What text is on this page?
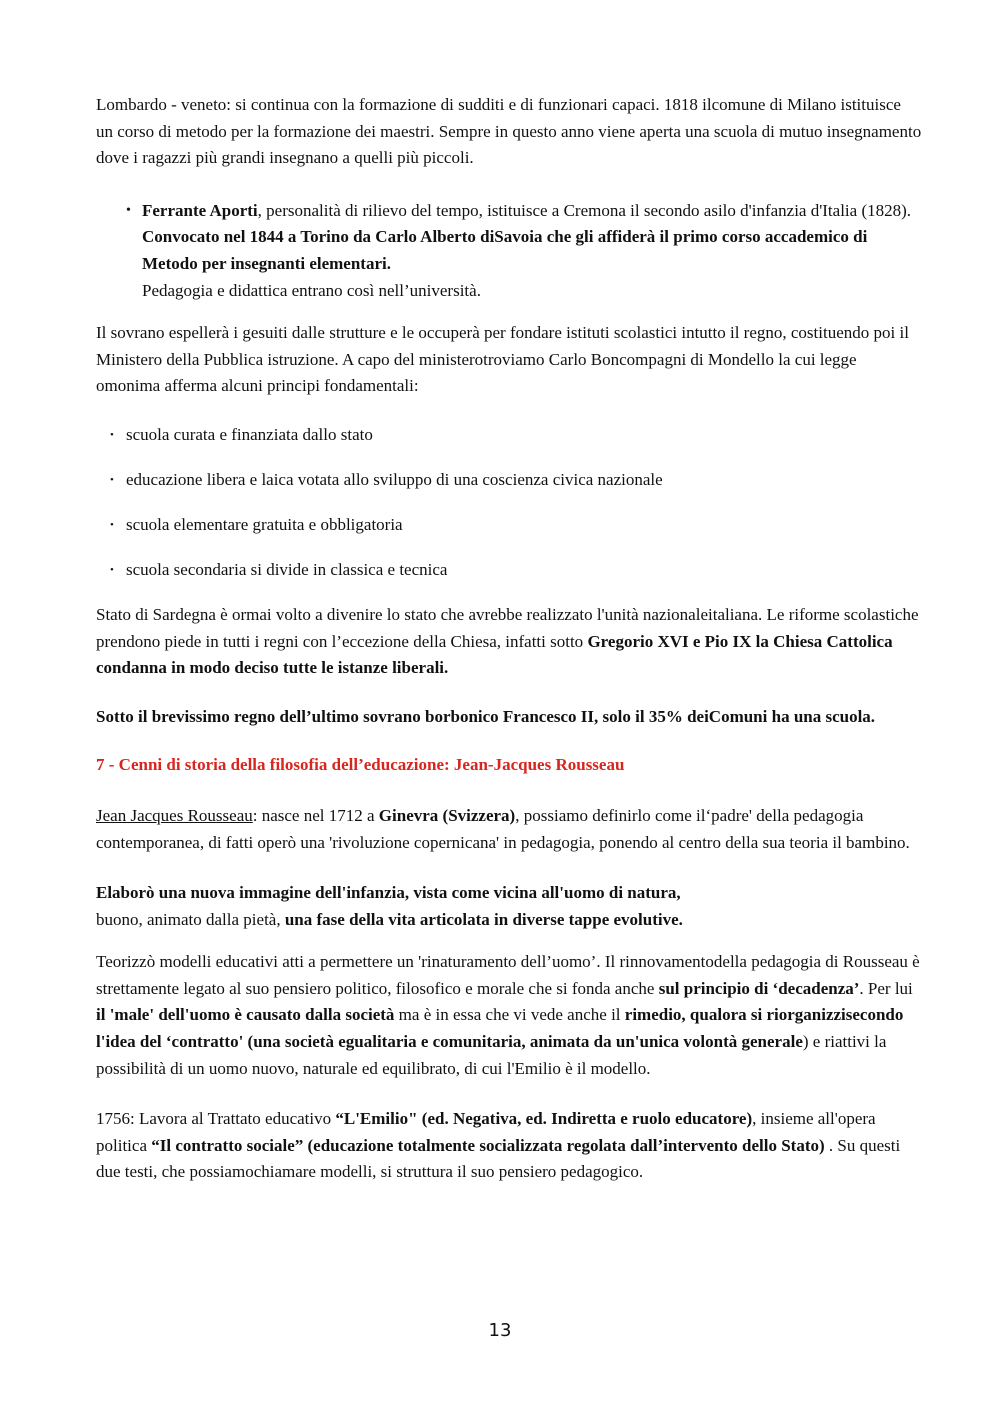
Lombardo - veneto: si continua con la formazione di sudditi e di funzionari capaci. 1818 ilcomune di Milano istituisce un corso di metodo per la formazione dei maestri. Sempre in questo anno viene aperta una scuola di mutuo insegnamento dove i ragazzi più grandi insegnano a quelli più piccoli.

• Ferrante Aporti, personalità di rilievo del tempo, istituisce a Cremona il secondo asilo d'infanzia d'Italia (1828). Convocato nel 1844 a Torino da Carlo Alberto diSavoia che gli affiderà il primo corso accademico di Metodo per insegnanti elementari.
Pedagogia e didattica entrano così nell’università.

Il sovrano espellerà i gesuiti dalle strutture e le occuperà per fondare istituti scolastici intutto il regno, costituendo poi il Ministero della Pubblica istruzione. A capo del ministerotroviamo Carlo Boncompagni di Mondello la cui legge omonima afferma alcuni principi fondamentali:

• scuola curata e finanziata dallo stato
• educazione libera e laica votata allo sviluppo di una coscienza civica nazionale
• scuola elementare gratuita e obbligatoria
• scuola secondaria si divide in classica e tecnica

Stato di Sardegna è ormai volto a divenire lo stato che avrebbe realizzato l'unità nazionaleitaliana. Le riforme scolastiche prendono piede in tutti i regni con l’eccezione della Chiesa, infatti sotto Gregorio XVI e Pio IX la Chiesa Cattolica condanna in modo deciso tutte le istanze liberali.

Sotto il brevissimo regno dell’ultimo sovrano borbonico Francesco II, solo il 35% deiComuni ha una scuola.

7 - Cenni di storia della filosofia dell’educazione: Jean-Jacques Rousseau

Jean Jacques Rousseau: nasce nel 1712 a Ginevra (Svizzera), possiamo definirlo come il‘padre' della pedagogia contemporanea, di fatti operò una 'rivoluzione copernicana' in pedagogia, ponendo al centro della sua teoria il bambino.

Elaborò una nuova immagine dell'infanzia, vista come vicina all'uomo di natura,
buono, animato dalla pietà, una fase della vita articolata in diverse tappe evolutive.

Teorizzò modelli educativi atti a permettere un 'rinaturamento dell’uomo’. Il rinnovamentodella pedagogia di Rousseau è strettamente legato al suo pensiero politico, filosofico e morale che si fonda anche sul principio di ‘decadenza’. Per lui il 'male' dell'uomo è causato dalla società ma è in essa che vi vede anche il rimedio, qualora si riorganizzisecondo l'idea del ‘contratto' (una società egualitaria e comunitaria, animata da un'unica volontà generale) e riattivi la possibilità di un uomo nuovo, naturale ed equilibrato, di cui l'Emilio è il modello.

1756: Lavora al Trattato educativo “L'Emilio" (ed. Negativa, ed. Indiretta e ruolo educatore), insieme all'opera politica “Il contratto sociale” (educazione totalmente socializzata regolata dall’intervento dello Stato) . Su questi due testi, che possiamochiamare modelli, si struttura il suo pensiero pedagogico.

13
